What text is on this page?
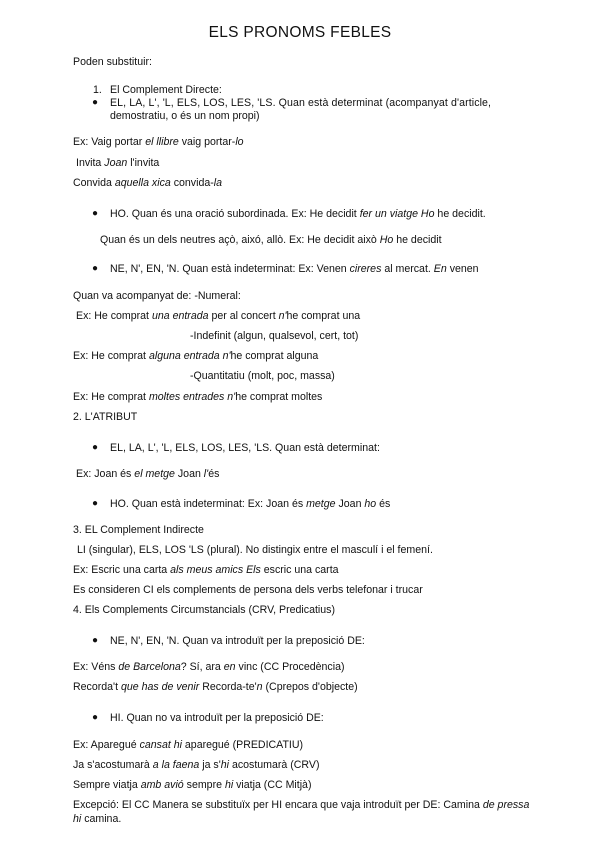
ELS PRONOMS FEBLES
Poden substituir:
1. El Complement Directe:
● EL, LA, L', 'L, ELS, LOS, LES, 'LS. Quan està determinat (acompanyat d'article,
demostratiu, o és un nom propi)
Ex: Vaig portar el llibre vaig portar-lo
Invita Joan l'invita
Convida aquella xica convida-la
● HO. Quan és una oració subordinada. Ex: He decidit fer un viatge Ho he decidit.
Quan és un dels neutres açò, aixó, allò. Ex: He decidit això Ho he decidit
● NE, N', EN, 'N. Quan està indeterminat: Ex: Venen cireres al mercat. En venen
Quan va acompanyat de: -Numeral:
Ex: He comprat una entrada per al concert n'he comprat una
-Indefinit (algun, qualsevol, cert, tot)
Ex: He comprat alguna entrada n'he comprat alguna
-Quantitatiu (molt, poc, massa)
Ex: He comprat moltes entrades n'he comprat moltes
2. L'ATRIBUT
● EL, LA, L', 'L, ELS, LOS, LES, 'LS. Quan està determinat:
Ex: Joan és el metge Joan l'és
● HO. Quan està indeterminat: Ex: Joan és metge Joan ho és
3. EL Complement Indirecte
LI (singular), ELS, LOS 'LS (plural). No distingix entre el masculí i el femení.
Ex: Escric una carta als meus amics Els escric una carta
Es consideren CI els complements de persona dels verbs telefonar i trucar
4. Els Complements Circumstancials (CRV, Predicatius)
● NE, N', EN, 'N. Quan va introduït per la preposició DE:
Ex: Véns de Barcelona? Sí, ara en vinc (CC Procedència)
Recorda't que has de venir Recorda-te'n (Cprepos d'objecte)
● HI. Quan no va introduït per la preposició DE:
Ex: Aparegué cansat hi aparegué (PREDICATIU)
Ja s'acostumarà a la faena ja s'hi acostumarà (CRV)
Sempre viatja amb avió sempre hi viatja (CC Mitjà)
Excepció: El CC Manera se substituïx per HI encara que vaja introduït per DE: Camina de pressa
hi camina.
